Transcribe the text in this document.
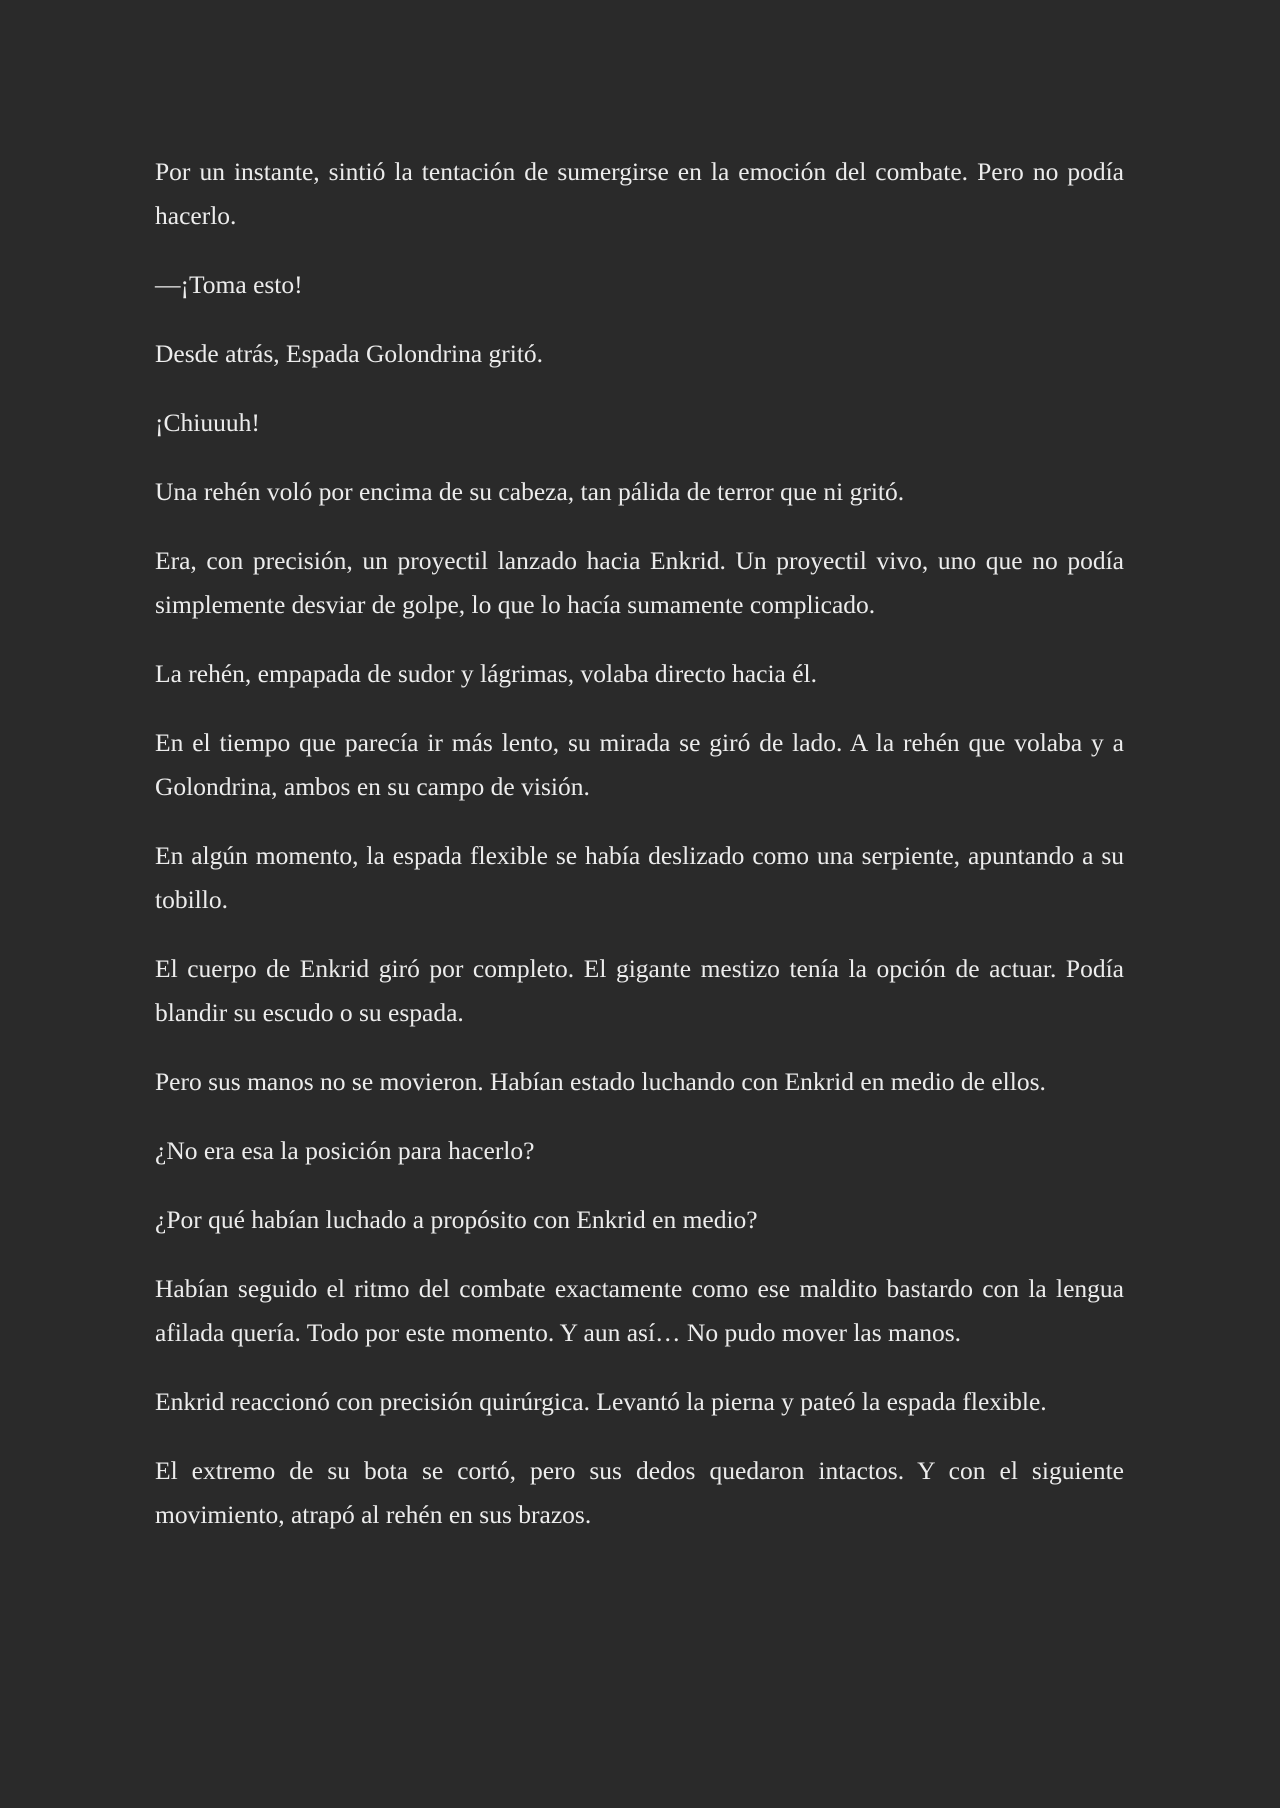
Por un instante, sintió la tentación de sumergirse en la emoción del combate. Pero no podía hacerlo.

—¡Toma esto!

Desde atrás, Espada Golondrina gritó.

¡Chiuuuh!

Una rehén voló por encima de su cabeza, tan pálida de terror que ni gritó.

Era, con precisión, un proyectil lanzado hacia Enkrid. Un proyectil vivo, uno que no podía simplemente desviar de golpe, lo que lo hacía sumamente complicado.

La rehén, empapada de sudor y lágrimas, volaba directo hacia él.

En el tiempo que parecía ir más lento, su mirada se giró de lado. A la rehén que volaba y a Golondrina, ambos en su campo de visión.

En algún momento, la espada flexible se había deslizado como una serpiente, apuntando a su tobillo.

El cuerpo de Enkrid giró por completo. El gigante mestizo tenía la opción de actuar. Podía blandir su escudo o su espada.

Pero sus manos no se movieron. Habían estado luchando con Enkrid en medio de ellos.

¿No era esa la posición para hacerlo?

¿Por qué habían luchado a propósito con Enkrid en medio?

Habían seguido el ritmo del combate exactamente como ese maldito bastardo con la lengua afilada quería. Todo por este momento. Y aun así… No pudo mover las manos.

Enkrid reaccionó con precisión quirúrgica. Levantó la pierna y pateó la espada flexible.

El extremo de su bota se cortó, pero sus dedos quedaron intactos. Y con el siguiente movimiento, atrapó al rehén en sus brazos.
